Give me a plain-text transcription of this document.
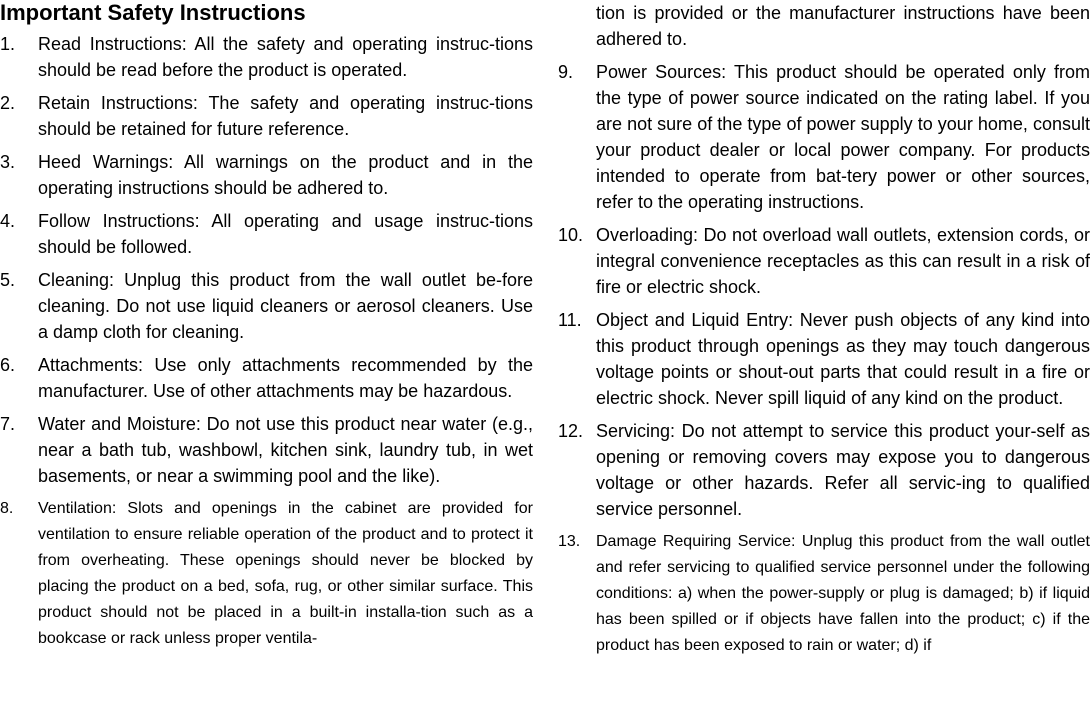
Important Safety Instructions
1. Read Instructions: All the safety and operating instruc-tions should be read before the product is operated.
2. Retain Instructions: The safety and operating instruc-tions should be retained for future reference.
3. Heed Warnings: All warnings on the product and in the operating instructions should be adhered to.
4. Follow Instructions: All operating and usage instruc-tions should be followed.
5. Cleaning: Unplug this product from the wall outlet be-fore cleaning. Do not use liquid cleaners or aerosol cleaners. Use a damp cloth for cleaning.
6. Attachments: Use only attachments recommended by the manufacturer. Use of other attachments may be hazardous.
7. Water and Moisture: Do not use this product near water (e.g., near a bath tub, washbowl, kitchen sink, laundry tub, in wet basements, or near a swimming pool and the like).
8. Ventilation: Slots and openings in the cabinet are provided for ventilation to ensure reliable operation of the product and to protect it from overheating. These openings should never be blocked by placing the product on a bed, sofa, rug, or other similar surface. This product should not be placed in a built-in installa-tion such as a bookcase or rack unless proper ventila-
tion is provided or the manufacturer instructions have been adhered to.
9. Power Sources: This product should be operated only from the type of power source indicated on the rating label. If you are not sure of the type of power supply to your home, consult your product dealer or local power company. For products intended to operate from bat-tery power or other sources, refer to the operating instructions.
10. Overloading: Do not overload wall outlets, extension cords, or integral convenience receptacles as this can result in a risk of fire or electric shock.
11. Object and Liquid Entry: Never push objects of any kind into this product through openings as they may touch dangerous voltage points or shout-out parts that could result in a fire or electric shock. Never spill liquid of any kind on the product.
12. Servicing: Do not attempt to service this product your-self as opening or removing covers may expose you to dangerous voltage or other hazards. Refer all servic-ing to qualified service personnel.
13. Damage Requiring Service: Unplug this product from the wall outlet and refer servicing to qualified service personnel under the following conditions: a) when the power-supply or plug is damaged; b) if liquid has been spilled or if objects have fallen into the product; c) if the product has been exposed to rain or water; d) if
